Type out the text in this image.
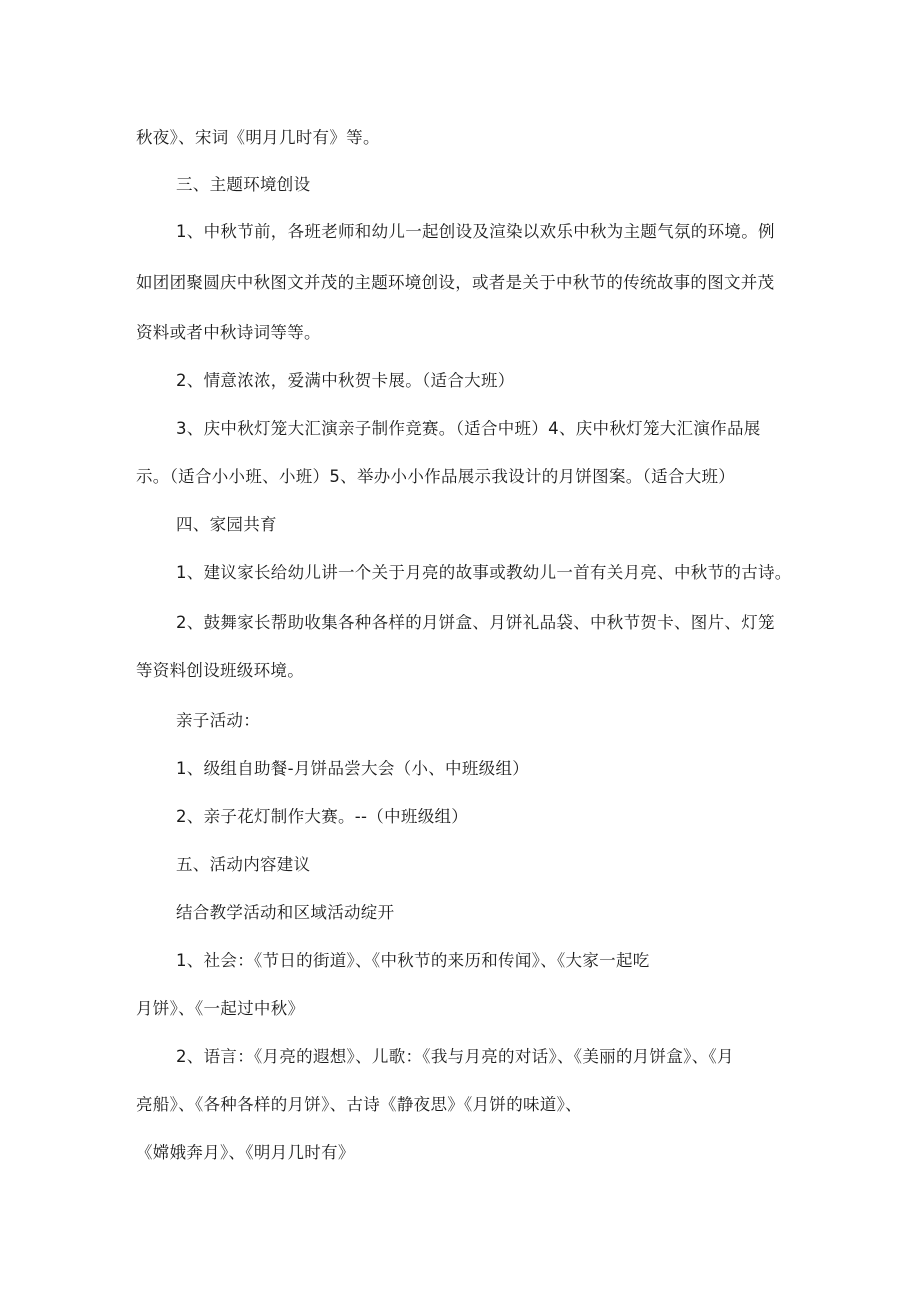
秋夜》、宋词《明月几时有》等。
三、主题环境创设
1、中秋节前，各班老师和幼儿一起创设及渲染以欢乐中秋为主题气氛的环境。例
如团团聚圆庆中秋图文并茂的主题环境创设，或者是关于中秋节的传统故事的图文并茂
资料或者中秋诗词等等。
2、情意浓浓，爱满中秋贺卡展。（适合大班）
3、庆中秋灯笼大汇演亲子制作竞赛。（适合中班）4、庆中秋灯笼大汇演作品展
示。（适合小小班、小班）5、举办小小作品展示我设计的月饼图案。（适合大班）
四、家园共育
1、建议家长给幼儿讲一个关于月亮的故事或教幼儿一首有关月亮、中秋节的古诗。
2、鼓舞家长帮助收集各种各样的月饼盒、月饼礼品袋、中秋节贺卡、图片、灯笼
等资料创设班级环境。
亲子活动：
1、级组自助餐-月饼品尝大会（小、中班级组）
2、亲子花灯制作大赛。--（中班级组）
五、活动内容建议
结合教学活动和区域活动绽开
1、社会：《节日的街道》、《中秋节的来历和传闻》、《大家一起吃
月饼》、《一起过中秋》
2、语言：《月亮的遐想》、儿歌：《我与月亮的对话》、《美丽的月饼盒》、《月
亮船》、《各种各样的月饼》、古诗《静夜思》《月饼的味道》、
《嫦娥奔月》、《明月几时有》
